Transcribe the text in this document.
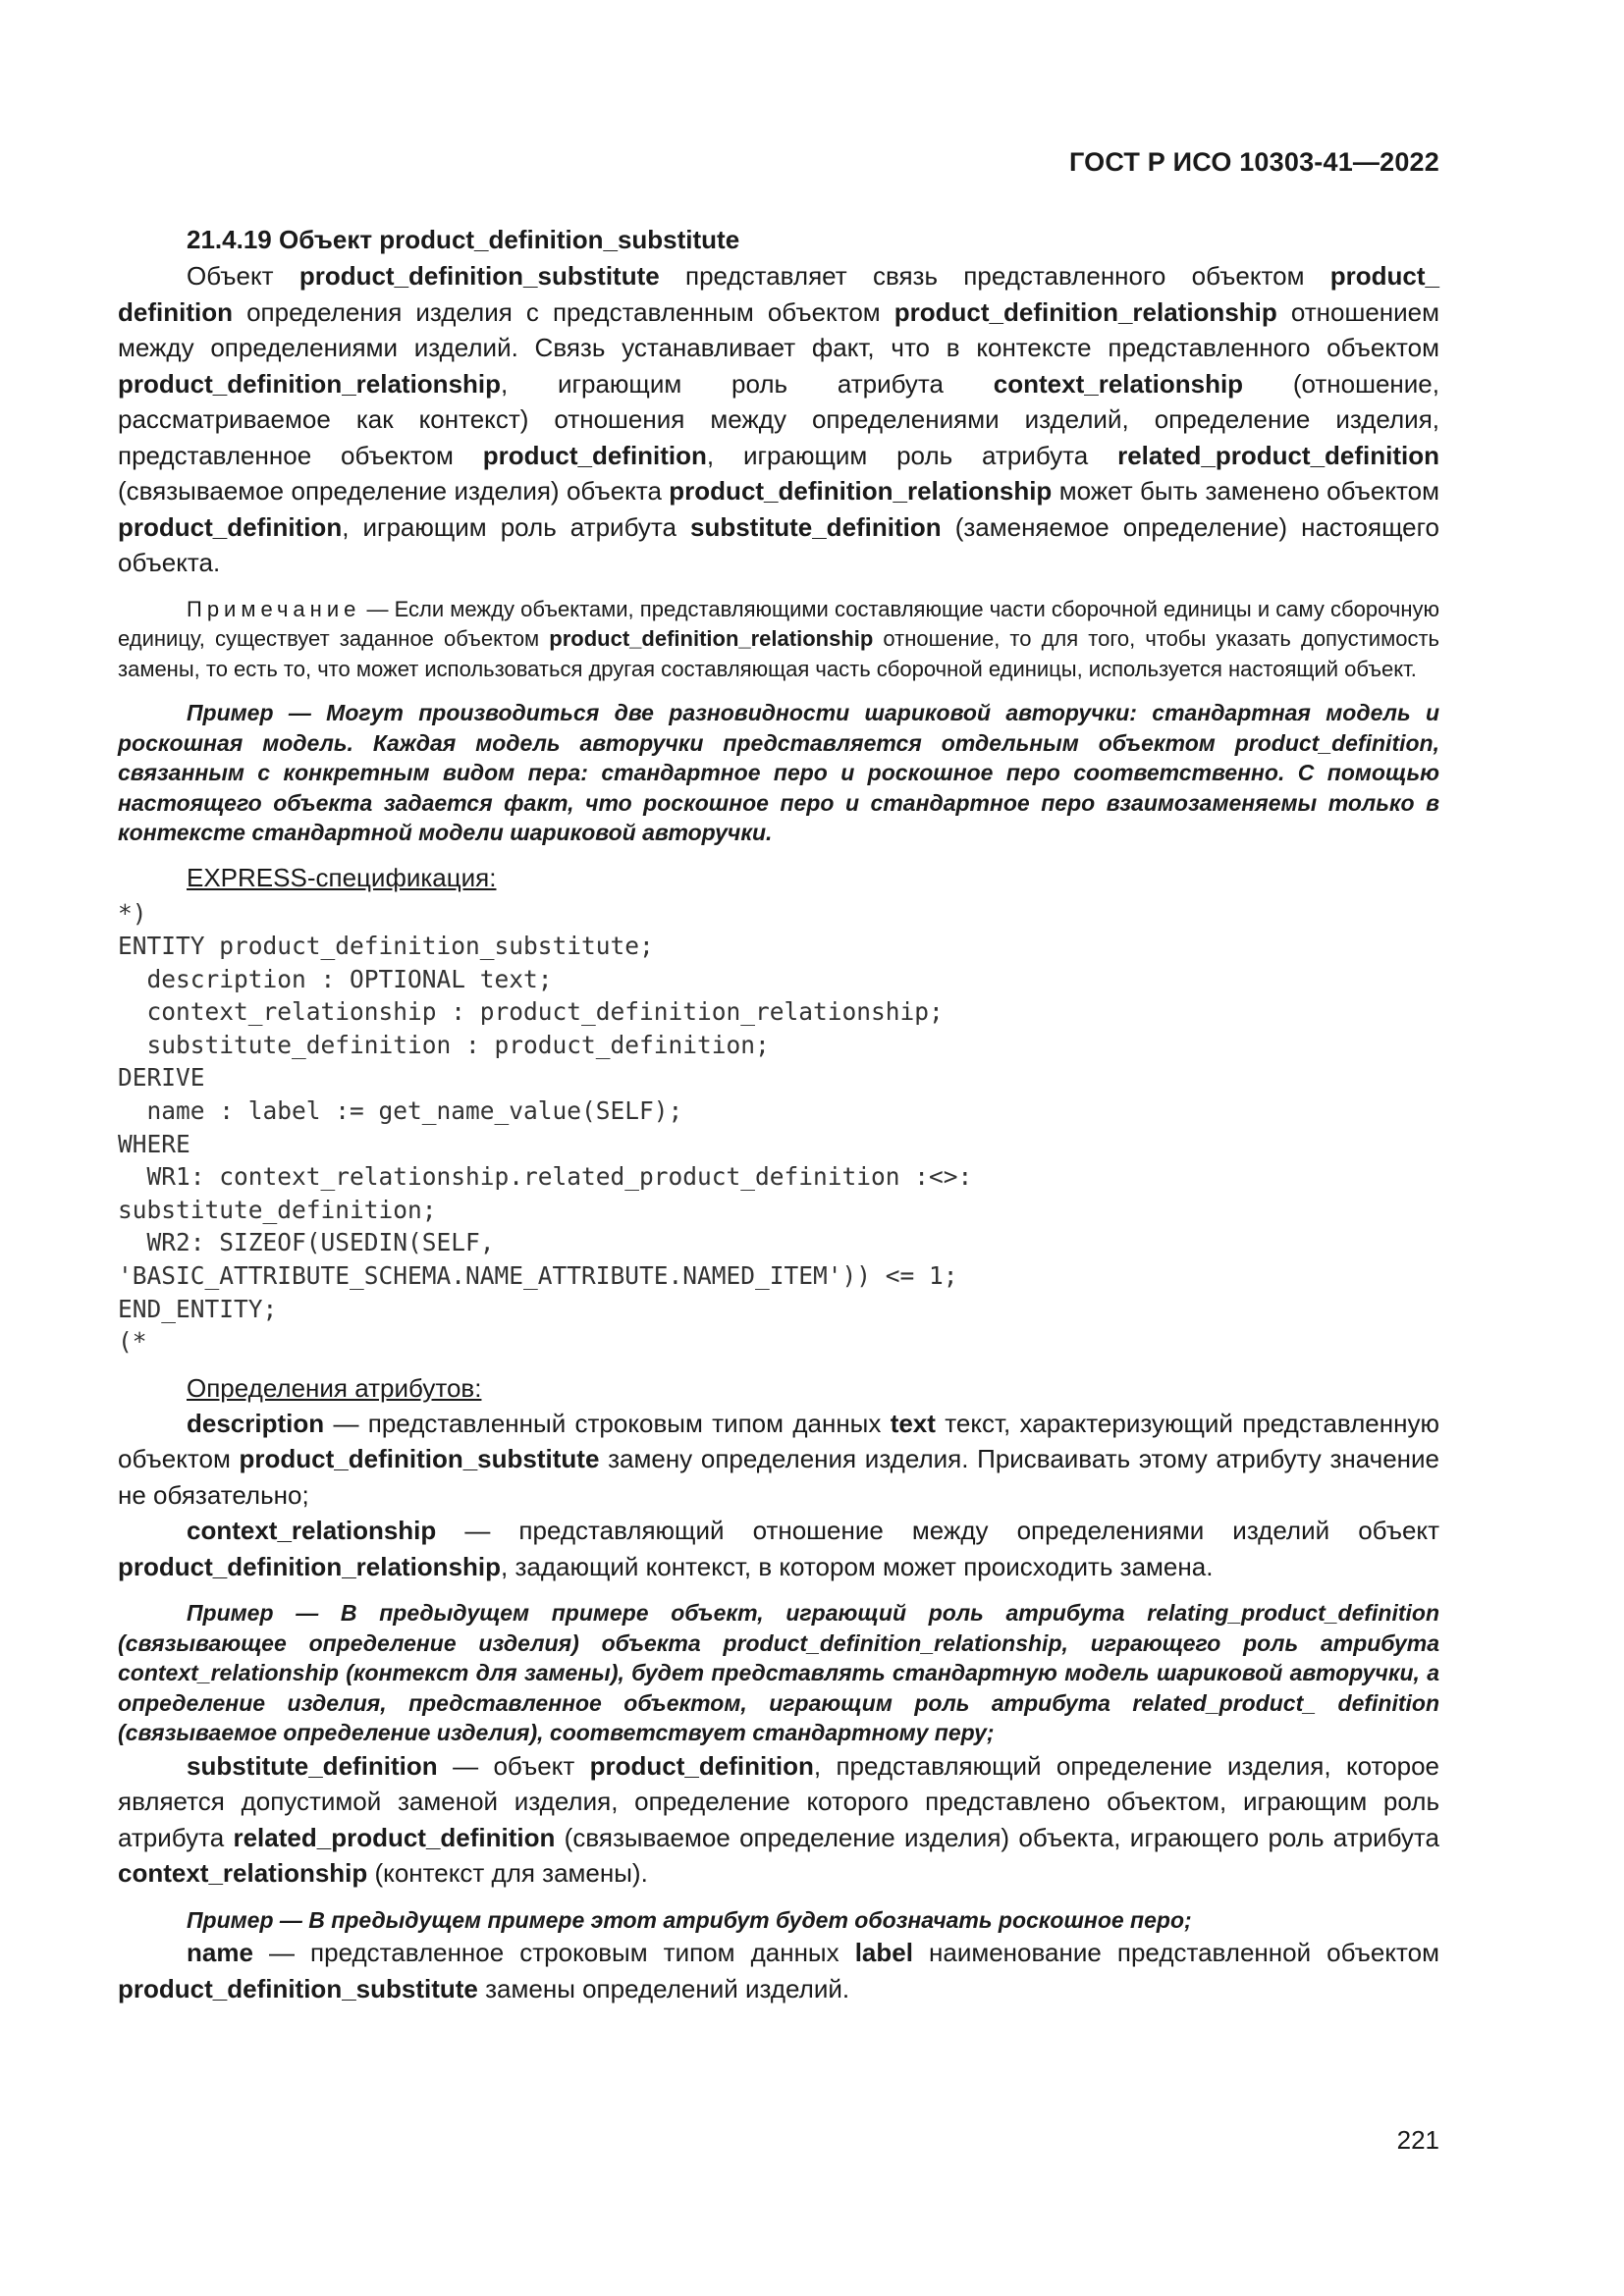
ГОСТ Р ИСО 10303-41—2022
21.4.19 Объект product_definition_substitute

Объект product_definition_substitute представляет связь представленного объектом product_ definition определения изделия с представленным объектом product_definition_relationship отношением между определениями изделий. Связь устанавливает факт, что в контексте представленного объектом product_definition_relationship, играющим роль атрибута context_relationship (отношение, рассматриваемое как контекст) отношения между определениями изделий, определение изделия, представленное объектом product_definition, играющим роль атрибута related_product_definition (связываемое определение изделия) объекта product_definition_relationship может быть заменено объектом product_definition, играющим роль атрибута substitute_definition (заменяемое определение) настоящего объекта.

Примечание — Если между объектами, представляющими составляющие части сборочной единицы и саму сборочную единицу, существует заданное объектом product_definition_relationship отношение, то для того, чтобы указать допустимость замены, то есть то, что может использоваться другая составляющая часть сборочной единицы, используется настоящий объект.

Пример — Могут производиться две разновидности шариковой авторучки: стандартная модель и роскошная модель. Каждая модель авторучки представляется отдельным объектом product_definition, связанным с конкретным видом пера: стандартное перо и роскошное перо соответственно. С помощью настоящего объекта задается факт, что роскошное перо и стандартное перо взаимозаменяемы только в контексте стандартной модели шариковой авторучки.

EXPRESS-спецификация:
*)
ENTITY product_definition_substitute;
description : OPTIONAL text;
context_relationship : product_definition_relationship;
substitute_definition : product_definition;
DERIVE
name : label := get_name_value(SELF);
WHERE
WR1: context_relationship.related_product_definition :<>:
substitute_definition;
WR2: SIZEOF(USEDIN(SELF,
'BASIC_ATTRIBUTE_SCHEMA.NAME_ATTRIBUTE.NAMED_ITEM')) <= 1;
END_ENTITY;
(*
Определения атрибутов:

description — представленный строковым типом данных text текст, характеризующий представленную объектом product_definition_substitute замену определения изделия. Присваивать этому атрибуту значение не обязательно;

context_relationship — представляющий отношение между определениями изделий объект product_definition_relationship, задающий контекст, в котором может происходить замена.

Пример — В предыдущем примере объект, играющий роль атрибута relating_product_definition (связывающее определение изделия) объекта product_definition_relationship, играющего роль атрибута context_relationship (контекст для замены), будет представлять стандартную модель шариковой авторучки, а определение изделия, представленное объектом, играющим роль атрибута related_product_ definition (связываемое определение изделия), соответствует стандартному перу;

substitute_definition — объект product_definition, представляющий определение изделия, которое является допустимой заменой изделия, определение которого представлено объектом, играющим роль атрибута related_product_definition (связываемое определение изделия) объекта, играющего роль атрибута context_relationship (контекст для замены).

Пример — В предыдущем примере этот атрибут будет обозначать роскошное перо;

name — представленное строковым типом данных label наименование представленной объектом product_definition_substitute замены определений изделий.

221
